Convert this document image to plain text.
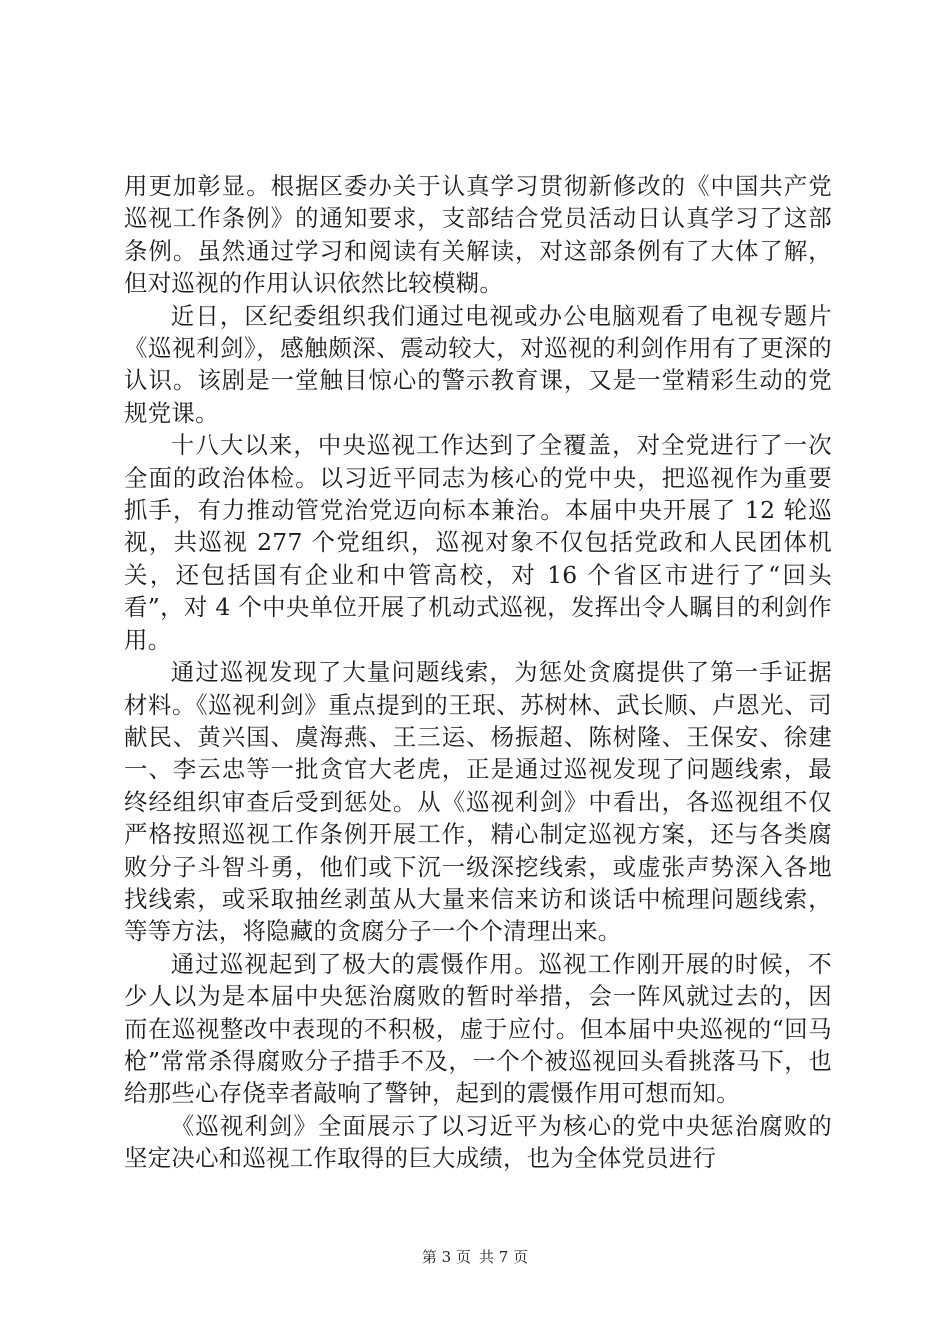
用更加彰显。根据区委办关于认真学习贯彻新修改的《中国共产党巡视工作条例》的通知要求，支部结合党员活动日认真学习了这部条例。虽然通过学习和阅读有关解读，对这部条例有了大体了解，但对巡视的作用认识依然比较模糊。

近日，区纪委组织我们通过电视或办公电脑观看了电视专题片《巡视利剑》，感触颇深、震动较大，对巡视的利剑作用有了更深的认识。该剧是一堂触目惊心的警示教育课，又是一堂精彩生动的党规党课。

十八大以来，中央巡视工作达到了全覆盖，对全党进行了一次全面的政治体检。以习近平同志为核心的党中央，把巡视作为重要抓手，有力推动管党治党迈向标本兼治。本届中央开展了 12 轮巡视，共巡视 277 个党组织，巡视对象不仅包括党政和人民团体机关，还包括国有企业和中管高校，对 16 个省区市进行了“回头看”，对 4 个中央单位开展了机动式巡视，发挥出令人瞩目的利剑作用。

通过巡视发现了大量问题线索，为惩处贪腐提供了第一手证据材料。《巡视利剑》重点提到的王珉、苏树林、武长顺、卢恩光、司献民、黄兴国、虞海燕、王三运、杨振超、陈树隆、王保安、徐建一、李云忠等一批贪官大老虎，正是通过巡视发现了问题线索，最终经组织审查后受到惩处。从《巡视利剑》中看出，各巡视组不仅严格按照巡视工作条例开展工作，精心制定巡视方案，还与各类腐败分子斗智斗勇，他们或下沉一级深挖线索，或虚张声势深入各地找线索，或采取抽丝剥茧从大量来信来访和谈话中梳理问题线索，等等方法，将隐藏的贪腐分子一个个清理出来。

通过巡视起到了极大的震慑作用。巡视工作刚开展的时候，不少人以为是本届中央惩治腐败的暂时举措，会一阵风就过去的，因而在巡视整改中表现的不积极，虚于应付。但本届中央巡视的“回马枪”常常杀得腐败分子措手不及，一个个被巡视回头看挑落马下，也给那些心存侥幸者敲响了警钟，起到的震慑作用可想而知。

《巡视利剑》全面展示了以习近平为核心的党中央惩治腐败的坚定决心和巡视工作取得的巨大成绩，也为全体党员进行

第 3 页 共 7 页
